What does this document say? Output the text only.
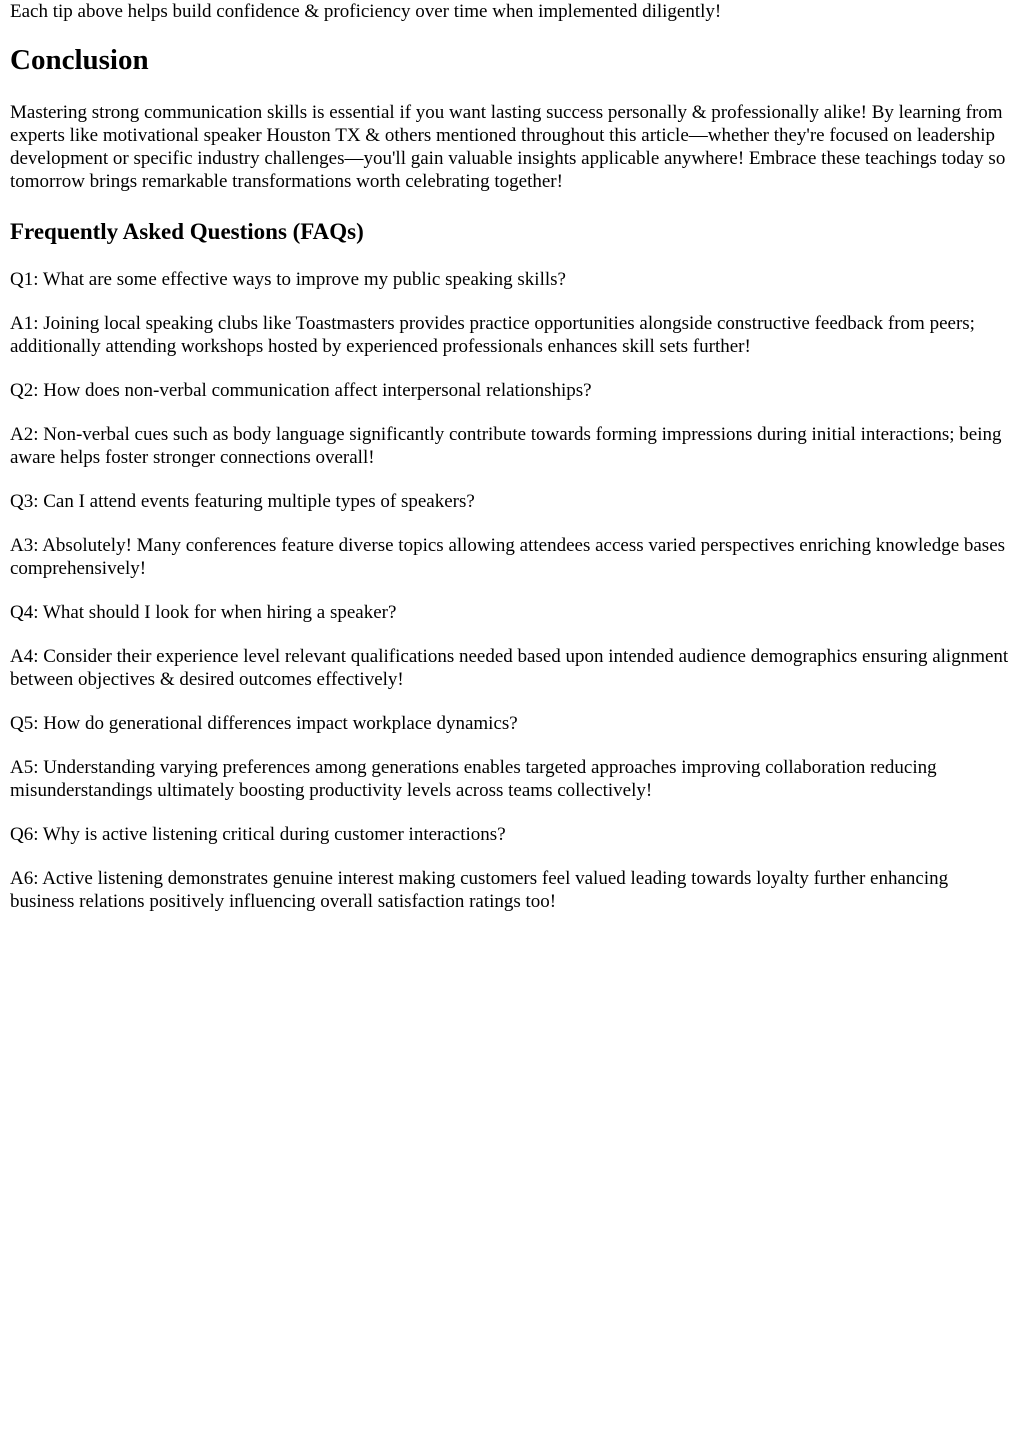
Each tip above helps build confidence & proficiency over time when implemented diligently!

Conclusion

Mastering strong communication skills is essential if you want lasting success personally & professionally alike! By learning from experts like motivational speaker Houston TX & others mentioned throughout this article—whether they're focused on leadership development or specific industry challenges—you'll gain valuable insights applicable anywhere! Embrace these teachings today so tomorrow brings remarkable transformations worth celebrating together!

Frequently Asked Questions (FAQs)

Q1: What are some effective ways to improve my public speaking skills?

A1: Joining local speaking clubs like Toastmasters provides practice opportunities alongside constructive feedback from peers; additionally attending workshops hosted by experienced professionals enhances skill sets further!

Q2: How does non-verbal communication affect interpersonal relationships?

A2: Non-verbal cues such as body language significantly contribute towards forming impressions during initial interactions; being aware helps foster stronger connections overall!

Q3: Can I attend events featuring multiple types of speakers?

A3: Absolutely! Many conferences feature diverse topics allowing attendees access varied perspectives enriching knowledge bases comprehensively!

Q4: What should I look for when hiring a speaker?

A4: Consider their experience level relevant qualifications needed based upon intended audience demographics ensuring alignment between objectives & desired outcomes effectively!

Q5: How do generational differences impact workplace dynamics?

A5: Understanding varying preferences among generations enables targeted approaches improving collaboration reducing misunderstandings ultimately boosting productivity levels across teams collectively!

Q6: Why is active listening critical during customer interactions?

A6: Active listening demonstrates genuine interest making customers feel valued leading towards loyalty further enhancing business relations positively influencing overall satisfaction ratings too!
